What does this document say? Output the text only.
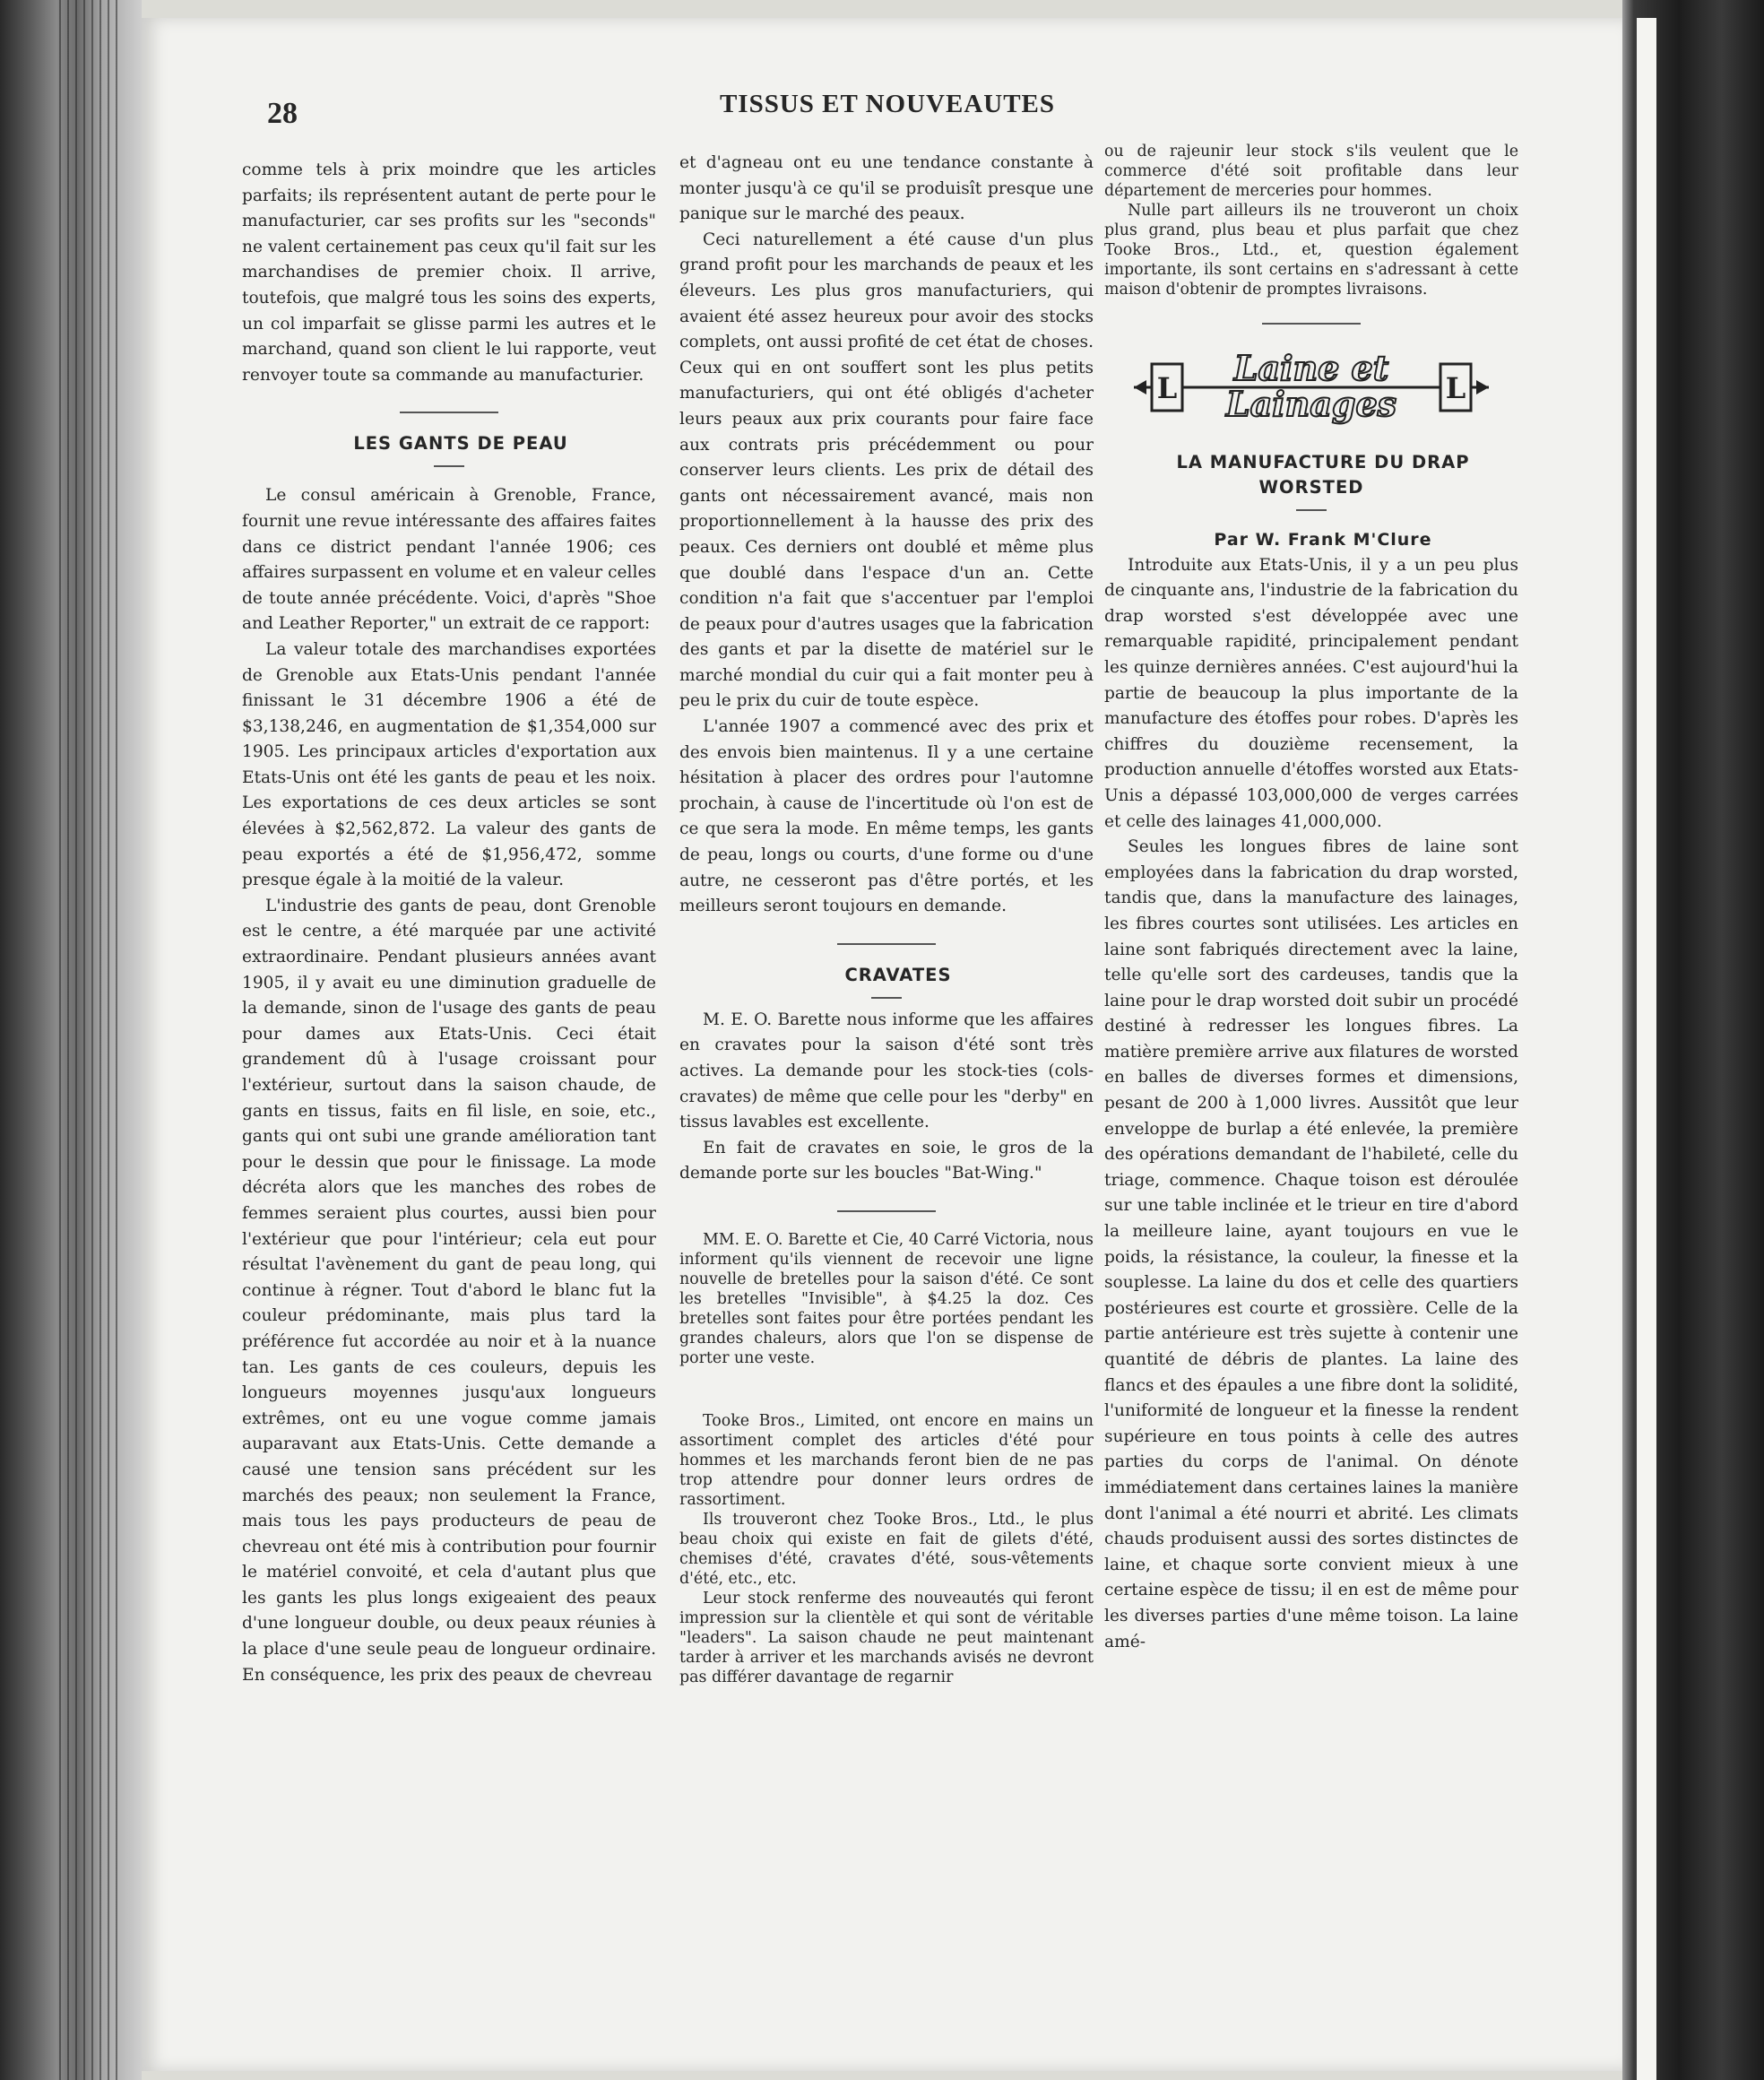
28	TISSUS ET NOUVEAUTES

comme tels à prix moindre que les articles parfaits; ils représentent autant de perte pour le manufacturier, car ses profits sur les "seconds" ne valent certainement pas ceux qu'il fait sur les marchandises de premier choix. Il arrive, toutefois, que malgré tous les soins des experts, un col imparfait se glisse parmi les autres et le marchand, quand son client le lui rapporte, veut renvoyer toute sa commande au manufacturier.

LES GANTS DE PEAU

Le consul américain à Grenoble, France, fournit une revue intéressante des affaires faites dans ce district pendant l'année 1906; ces affaires surpassent en volume et en valeur celles de toute année précédente. Voici, d'après "Shoe and Leather Reporter," un extrait de ce rapport:

La valeur totale des marchandises exportées de Grenoble aux Etats-Unis pendant l'année finissant le 31 décembre 1906 a été de $3,138,246, en augmentation de $1,354,000 sur 1905. Les principaux articles d'exportation aux Etats-Unis ont été les gants de peau et les noix. Les exportations de ces deux articles se sont élevées à $2,562,872. La valeur des gants de peau exportés a été de $1,956,472, somme presque égale à la moitié de la valeur.

L'industrie des gants de peau, dont Grenoble est le centre, a été marquée par une activité extraordinaire. Pendant plusieurs années avant 1905, il y avait eu une diminution graduelle de la demande, sinon de l'usage des gants de peau pour dames aux Etats-Unis. Ceci était grandement dû à l'usage croissant pour l'extérieur, surtout dans la saison chaude, de gants en tissus, faits en fil lisle, en soie, etc., gants qui ont subi une grande amélioration tant pour le dessin que pour le finissage. La mode décréta alors que les manches des robes de femmes seraient plus courtes, aussi bien pour l'extérieur que pour l'intérieur; cela eut pour résultat l'avènement du gant de peau long, qui continue à régner. Tout d'abord le blanc fut la couleur prédominante, mais plus tard la préférence fut accordée au noir et à la nuance tan. Les gants de ces couleurs, depuis les longueurs moyennes jusqu'aux longueurs extrêmes, ont eu une vogue comme jamais auparavant aux Etats-Unis. Cette demande a causé une tension sans précédent sur les marchés des peaux; non seulement la France, mais tous les pays producteurs de peau de chevreau ont été mis à contribution pour fournir le matériel convoité, et cela d'autant plus que les gants les plus longs exigeaient des peaux d'une longueur double, ou deux peaux réunies à la place d'une seule peau de longueur ordinaire. En conséquence, les prix des peaux de chevreau

et d'agneau ont eu une tendance constante à monter jusqu'à ce qu'il se produisît presque une panique sur le marché des peaux.

Ceci naturellement a été cause d'un plus grand profit pour les marchands de peaux et les éleveurs. Les plus gros manufacturiers, qui avaient été assez heureux pour avoir des stocks complets, ont aussi profité de cet état de choses. Ceux qui en ont souffert sont les plus petits manufacturiers, qui ont été obligés d'acheter leurs peaux aux prix courants pour faire face aux contrats pris précédemment ou pour conserver leurs clients. Les prix de détail des gants ont nécessairement avancé, mais non proportionnellement à la hausse des prix des peaux. Ces derniers ont doublé et même plus que doublé dans l'espace d'un an. Cette condition n'a fait que s'accentuer par l'emploi de peaux pour d'autres usages que la fabrication des gants et par la disette de matériel sur le marché mondial du cuir qui a fait monter peu à peu le prix du cuir de toute espèce.

L'année 1907 a commencé avec des prix et des envois bien maintenus. Il y a une certaine hésitation à placer des ordres pour l'automne prochain, à cause de l'incertitude où l'on est de ce que sera la mode. En même temps, les gants de peau, longs ou courts, d'une forme ou d'une autre, ne cesseront pas d'être portés, et les meilleurs seront toujours en demande.

CRAVATES

M. E. O. Barette nous informe que les affaires en cravates pour la saison d'été sont très actives. La demande pour les stock-ties (cols-cravates) de même que celle pour les "derby" en tissus lavables est excellente.

En fait de cravates en soie, le gros de la demande porte sur les boucles "Bat-Wing."

MM. E. O. Barette et Cie, 40 Carré Victoria, nous informent qu'ils viennent de recevoir une ligne nouvelle de bretelles pour la saison d'été. Ce sont les bretelles "Invisible", à $4.25 la doz. Ces bretelles sont faites pour être portées pendant les grandes chaleurs, alors que l'on se dispense de porter une veste.

Tooke Bros., Limited, ont encore en mains un assortiment complet des articles d'été pour hommes et les marchands feront bien de ne pas trop attendre pour donner leurs ordres de rassortiment.

Ils trouveront chez Tooke Bros., Ltd., le plus beau choix qui existe en fait de gilets d'été, chemises d'été, cravates d'été, sous-vêtements d'été, etc., etc.

Leur stock renferme des nouveautés qui feront impression sur la clientèle et qui sont de véritable "leaders". La saison chaude ne peut maintenant tarder à arriver et les marchands avisés ne devront pas différer davantage de regarnir

ou de rajeunir leur stock s'ils veulent que le commerce d'été soit profitable dans leur département de merceries pour hommes.

Nulle part ailleurs ils ne trouveront un choix plus grand, plus beau et plus parfait que chez Tooke Bros., Ltd., et, question également importante, ils sont certains en s'adressant à cette maison d'obtenir de promptes livraisons.

L	L
Laine et
Lainages

LA MANUFACTURE DU DRAP WORSTED

Par W. Frank M'Clure

Introduite aux Etats-Unis, il y a un peu plus de cinquante ans, l'industrie de la fabrication du drap worsted s'est développée avec une remarquable rapidité, principalement pendant les quinze dernières années. C'est aujourd'hui la partie de beaucoup la plus importante de la manufacture des étoffes pour robes. D'après les chiffres du douzième recensement, la production annuelle d'étoffes worsted aux Etats-Unis a dépassé 103,000,000 de verges carrées et celle des lainages 41,000,000.

Seules les longues fibres de laine sont employées dans la fabrication du drap worsted, tandis que, dans la manufacture des lainages, les fibres courtes sont utilisées. Les articles en laine sont fabriqués directement avec la laine, telle qu'elle sort des cardeuses, tandis que la laine pour le drap worsted doit subir un procédé destiné à redresser les longues fibres. La matière première arrive aux filatures de worsted en balles de diverses formes et dimensions, pesant de 200 à 1,000 livres. Aussitôt que leur enveloppe de burlap a été enlevée, la première des opérations demandant de l'habileté, celle du triage, commence. Chaque toison est déroulée sur une table inclinée et le trieur en tire d'abord la meilleure laine, ayant toujours en vue le poids, la résistance, la couleur, la finesse et la souplesse. La laine du dos et celle des quartiers postérieures est courte et grossière. Celle de la partie antérieure est très sujette à contenir une quantité de débris de plantes. La laine des flancs et des épaules a une fibre dont la solidité, l'uniformité de longueur et la finesse la rendent supérieure en tous points à celle des autres parties du corps de l'animal. On dénote immédiatement dans certaines laines la manière dont l'animal a été nourri et abrité. Les climats chauds produisent aussi des sortes distinctes de laine, et chaque sorte convient mieux à une certaine espèce de tissu; il en est de même pour les diverses parties d'une même toison. La laine amé-
